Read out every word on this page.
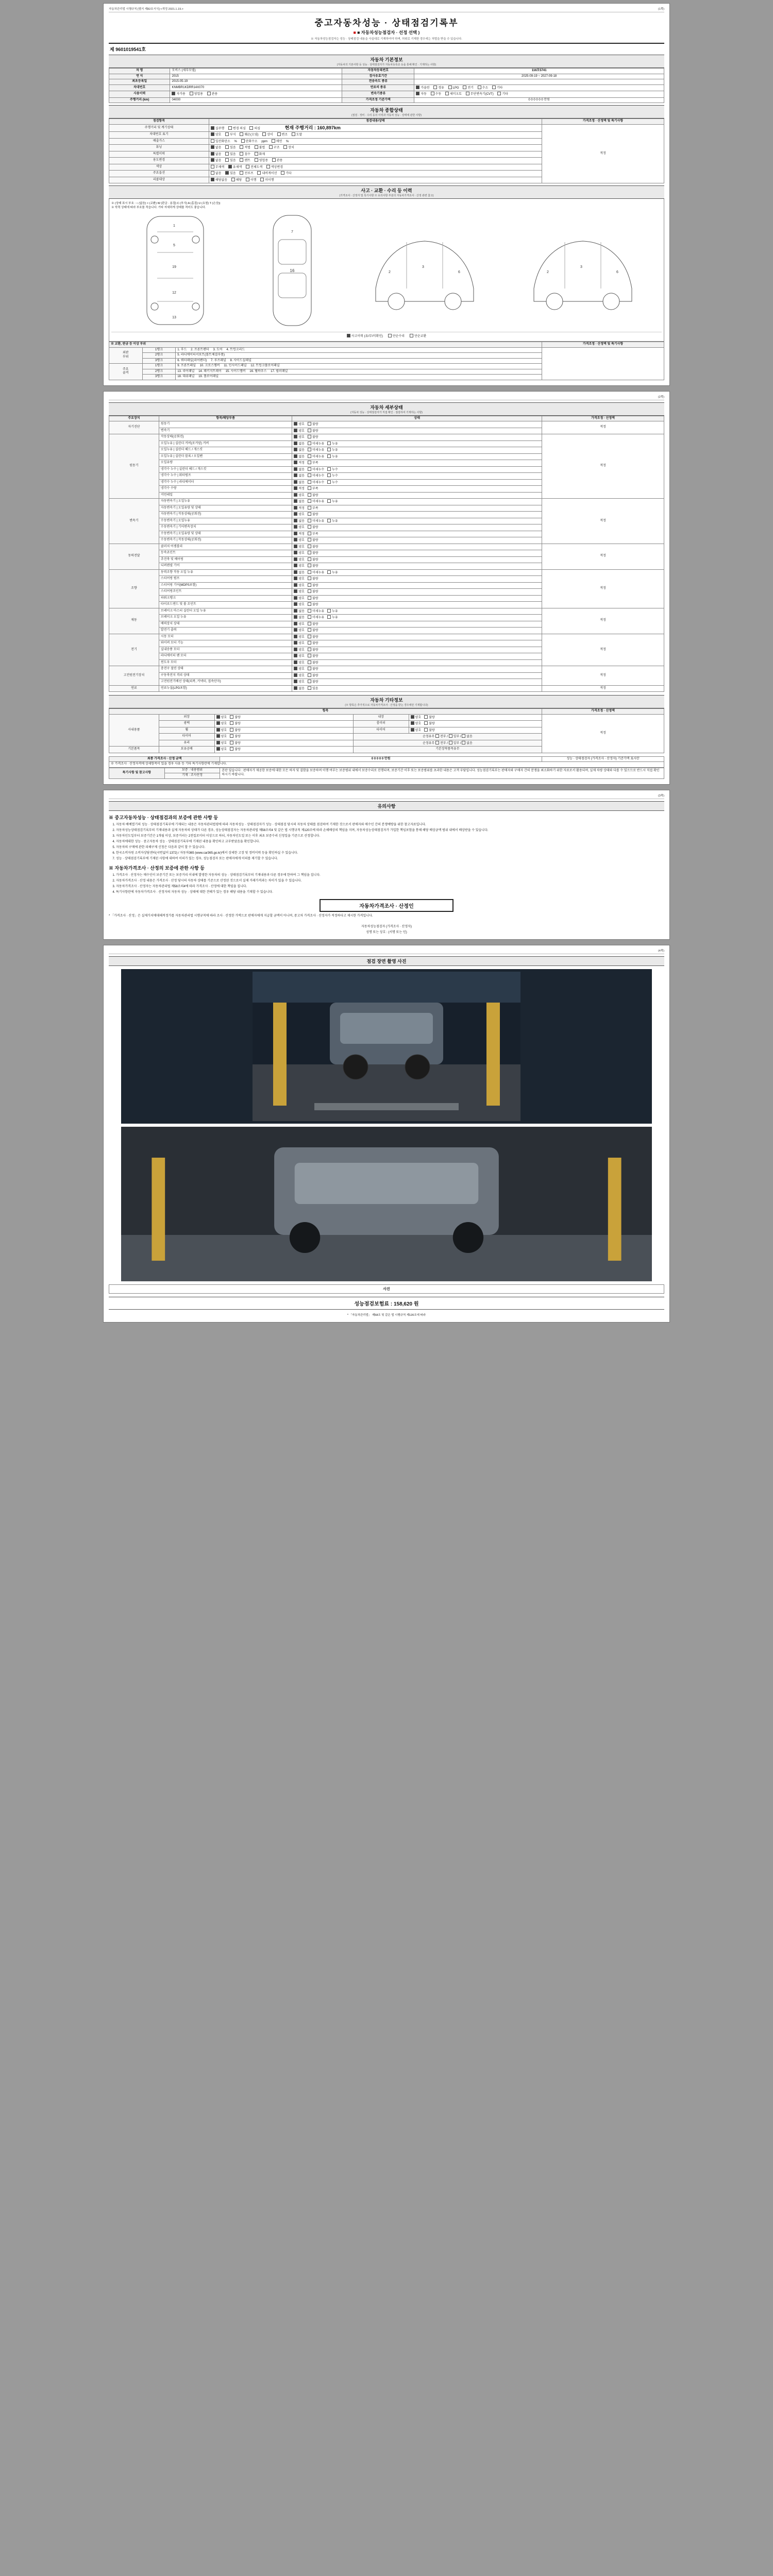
자동차관리법 시행규칙 [별지 제82호서식] <개정 2021.1.19.>	(1쪽)
중고자동차성능 · 상태점검기록부
■ ■ 자동차성능점검자 · 선정 선택 )
※ 자동차성능점검자는 성능 · 상태점검 내용을 사실대로 기재하여야 하며, 허위로 기재한 경우에는 처벌을 받을 수 있습니다.
제 9601019541호
자동차 기본정보
(자동차의 기본사항 등 성능 · 상태점검자가 자동차등록증 등을 통해 확인 · 기재하는 사항)
차 명	모비스 (세부모델)	자동차등록번호	116모5741
연 식	2015	검사유효기간	2025-09-19 ~ 2027-09-18
최초등록일	2015-05-19	전송속도 종류	
차대번호	KNMBR1KDRR14X070	연료의 종류	가솔린 경유 LPG 전기 수소 기타
사용이력	자가용 영업용 관용	변속기종류	자동 수동 세미오토 무단변속기(CVT) 기타
주행거리 (km)	04000	가격조정 기준가액	0 0 0 0 0 0 만원
자동차 종합상태
(점검 · 정비 · 수리 등의 이력과 자동차 성능 · 상태에 관한 사항)
점검항목	점검내용/상태	가격조정 · 산정액 및 특기사항
주행거리 및 계기상태	실주행 변경 의심 의심 현재 주행거리 : 160,897km	적정
차대번호 표기	양호 부식 훼손(오염) 상이 변조 도말	
배출가스	일산화탄소 % 탄화수소 ppm 매연 %	
튜닝	없음 있음 적법 불법 구조 장치	
특별이력	없음 있음 침수 화재	
용도변경	없음 있음 렌트 영업용 관용	
색상	무채색 유채색 전체도색 색상변경	
주요옵션	없음 있음 선루프 내비게이션 기타	
리콜대상	해당없음 해당 이행 미이행	
사고 · 교환 · 수리 등 이력
(가격조사 · 산정자 및 특기사항 ※ 유의사항 부분의 자동차가격조사 · 산정 관련 참고)
※ (상태 표시 부호 : ○ (없음) × (교환) W (판금 · 용접) C (부식) A (흠집) U (요철) T (손상))
※ 학력 상태에 따라 부호를 적습니다. 기타 자세하게 상태를 적어도 좋습니다.
1
5
19
12
13
7
16	2
3
6	2
3
6
사고이력 (유/무/미확인)	단순수리	단순교환
※ 교환, 판금 등 이상 부위			가격조정 · 산정액 및 특기사항
외판
부위	1랭크	1. 후드 2. 프론트펜더 3. 도어 4. 트렁크리드	
	2랭크	5. 라디에이터서포트(볼트체결부품)	
	3랭크	6. 쿼터패널(리어펜더) 7. 루프패널 8. 사이드실패널	
주요
골격	1랭크	9. 프론트패널 10. 크로스멤버 11. 인사이드패널 12. 트렁크플로어패널	
	2랭크	13. 리어패널 14. 패키지트레이 15. 사이드멤버 16. 휠하우스 17. 필러패널	
	3랭크	18. 대쉬패널 19. 플로어패널	
(2쪽)
자동차 세부상태
(자동차 성능 · 상태점검자가 직접 확인 · 점검하여 기재하는 사항)
주요장치	항목/해당부품	상태	가격조정 · 산정액
자기진단	원동기	양호 불량	적정
	변속기	양호 불량	
원동기	작동상태(공회전)	양호 불량	적정
	오일누유 | 실린더 커버(로커암) 커버	없음 미세누유 누유	
	오일누유 | 실린더 헤드 / 개스킷	없음 미세누유 누유	
	오일누유 | 실린더 블록 / 오일팬	없음 미세누유 누유	
	오일유량	적정 부족	
	냉각수 누수 | 실린더 헤드 / 개스킷	없음 미세누수 누수	
	냉각수 누수 | 워터펌프	없음 미세누수 누수	
	냉각수 누수 | 라디에이터	없음 미세누수 누수	
	냉각수 수량	적정 부족	
	커먼레일	양호 불량	
변속기	자동변속기 | 오일누유	없음 미세누유 누유	적정
	자동변속기 | 오일유량 및 상태	적정 부족	
	자동변속기 | 작동상태(공회전)	양호 불량	
	수동변속기 | 오일누유	없음 미세누유 누유	
	수동변속기 | 기어변속장치	양호 불량	
	수동변속기 | 오일유량 및 상태	적정 부족	
	수동변속기 | 작동상태(공회전)	양호 불량	
동력전달	클러치 어셈블리	양호 불량	적정
	등속죠인트	양호 불량	
	추진축 및 베어링	양호 불량	
	디퍼렌셜 기어	양호 불량	
조향	동력조향 작동 오일 누유	없음 미세누유 누유	적정
	스티어링 펌프	양호 불량	
	스티어링 기어(MDPS포함)	양호 불량	
	스티어링조인트	양호 불량	
	파워크랭크	양호 불량	
	타이로드엔드 및 볼 조인트	양호 불량	
제동	브레이크 마스터 실린더 오일 누유	없음 미세누유 누유	적정
	브레이크 오일 누유	없음 미세누유 누유	
	배력장치 상태	양호 불량	
	발전기 출력	양호 불량	
전기	시동 모터	양호 불량	적정
	와이퍼 모터 기능	양호 불량	
	실내송풍 모터	양호 불량	
	라디에이터 팬 모터	양호 불량	
	윈도우 모터	양호 불량	
고전원전기장치	충전구 절연 상태	양호 불량	적정
	구동축전지 격리 상태	양호 불량	
	고전원전기배선 상태(피복, 커넥터, 접속단자)	양호 불량	
연료	연료누설(LPG포함)	없음 있음	적정
자동차 기타정보
(※ 항목은 추가적으로 자동차가격조사 · 산정을 받는 경우에만 기재합니다)
항목					가격조정 · 산정액
사내용품	외장	양호 불량	내장	양호 불량	적정
	광택	양호 불량	룸미러	양호 불량	
	휠	양호 불량	타이어	양호 불량	
	타이어	양호 불량	순정유무 전부 / 일부 / 없음		
	유리	양호 불량	순정유무 전부 / 일부 / 없음		
기본품목	보유공배	양호 불량	기본장착품목유무		
최종 가격조사 · 산정 금액	0 0 0 0 0 만원	성능 · 상태점검자 (가격조사 · 산정자) 기준가액 표시란
※ 가격조사 · 산정자격에 상세항목이 있을 경우 사유 등 기타 특기사항란에 기재합니다.
특기사항 및 참고사항	보증 · 내용범위	본란 있습니다 : 판매자가 제공한 보증에 대한 모든 하자 및 결함을 보증하며 이행 여부는 보증범위 내에서 보증수리로 진행되며, 보증기간 이후 또는 보증범위를 초과한 내용은 고객 부담입니다. 성능점검기록부는 판매자와 구매자 간의 분쟁을 최소화하기 위한 자료로서 활용되며, 실제 차량 상태와 다를 수 있으므로 반드시 직접 확인하시기 바랍니다.
기재 · 조사산정
(3쪽)
유의사항
※ 중고자동차성능 · 상태점검과의 보증에 관한 사항 등
1. 자동차 배예열기의 성능 · 상태점검기록부에 기재되는 내용은 자동차관리법령에 따라 자동차성능 · 상태점검자가 성능 · 상태점검 당시의 자동차 상태를 점검하여 기재한 것으로서 판매자와 매수인 간의 분쟁예방을 위한 참고자료입니다.
2. 자동차성능상태점검기록부의 기재내용과 실제 자동차의 상태가 다른 경우, 성능상태점검자는 자동차관리법 제58조의4 및 같은 법 시행규칙 제120조에 따라 손해배상의 책임을 지며, 자동차성능상태점검자가 가입한 책임보험을 통해 해당 배상금액 범위 내에서 배상받을 수 있습니다.
3. 자동차인도일부터 보증기간은 1개월 이상, 보증거리는 2천킬로미터 이상으로 하되, 자동차인도일 또는 이후 최초 보증수리 신청일을 기준으로 산정합니다.
4. 자동차에대한 성능 · 중고자동차 성능 · 상태점검기록부에 기재된 내용을 확인하고 교부받았음을 확인합니다.
5. 자동차의 구매에 관한 피해구제 신청은 다음과 같이 할 수 있습니다.
6. 한국소비자원 소비자상담센터(국번없이 1372) / 자동차365 (www.car365.go.kr)에서 상세한 고장 및 정비이력 등을 확인하실 수 있습니다.
7. 성능 · 상태점검기록부에 기재된 사항에 대하여 이의가 있는 경우, 성능점검자 또는 판매자에게 이의를 제기할 수 있습니다.
※ 자동차가격조사 · 산정의 보증에 관한 사항 등
1. 가격조사 · 산정자는 매수인이 보증기간 또는 보증거리 이내에 발생한 자동차의 성능 · 상태점검기록부의 기재내용과 다른 경우에 한하여 그 책임을 집니다.
2. 자동차가격조사 · 산정 내용은 가격조사 · 산정 당시의 자동차 상태를 기준으로 산정된 것으로서 실제 거래가격과는 차이가 있을 수 있습니다.
3. 자동차가격조사 · 산정자는 자동차관리법 제58조의4에 따라 가격조사 · 산정에 대한 책임을 집니다.
4. 특기사항란에 자동차가격조사 · 산정자의 자동차 성능 · 상태에 대한 견해가 있는 경우 해당 내용을 기재할 수 있습니다.
자동차가격조사 · 산정인

* 「가격조사 · 산정」은 실제가치에대해적정가를 자동차관리법 시행규칙에 따라 조사 · 산정한 가액으로 판매자에게 지급할 금액이 아니며, 중고차 가격조사 · 산정자가 적정하다고 제시한 가격입니다.

자동차성능점검자 (가격조사 · 산정자)
성명 또는 상호 : (서명 또는 인)
(4쪽)
점검 장면 촬영 사진
사진
성능점검보험료 : 158,620 원
* 「자동차관리법」 제58조 및 같은 법 시행규칙 제120조에 따라
